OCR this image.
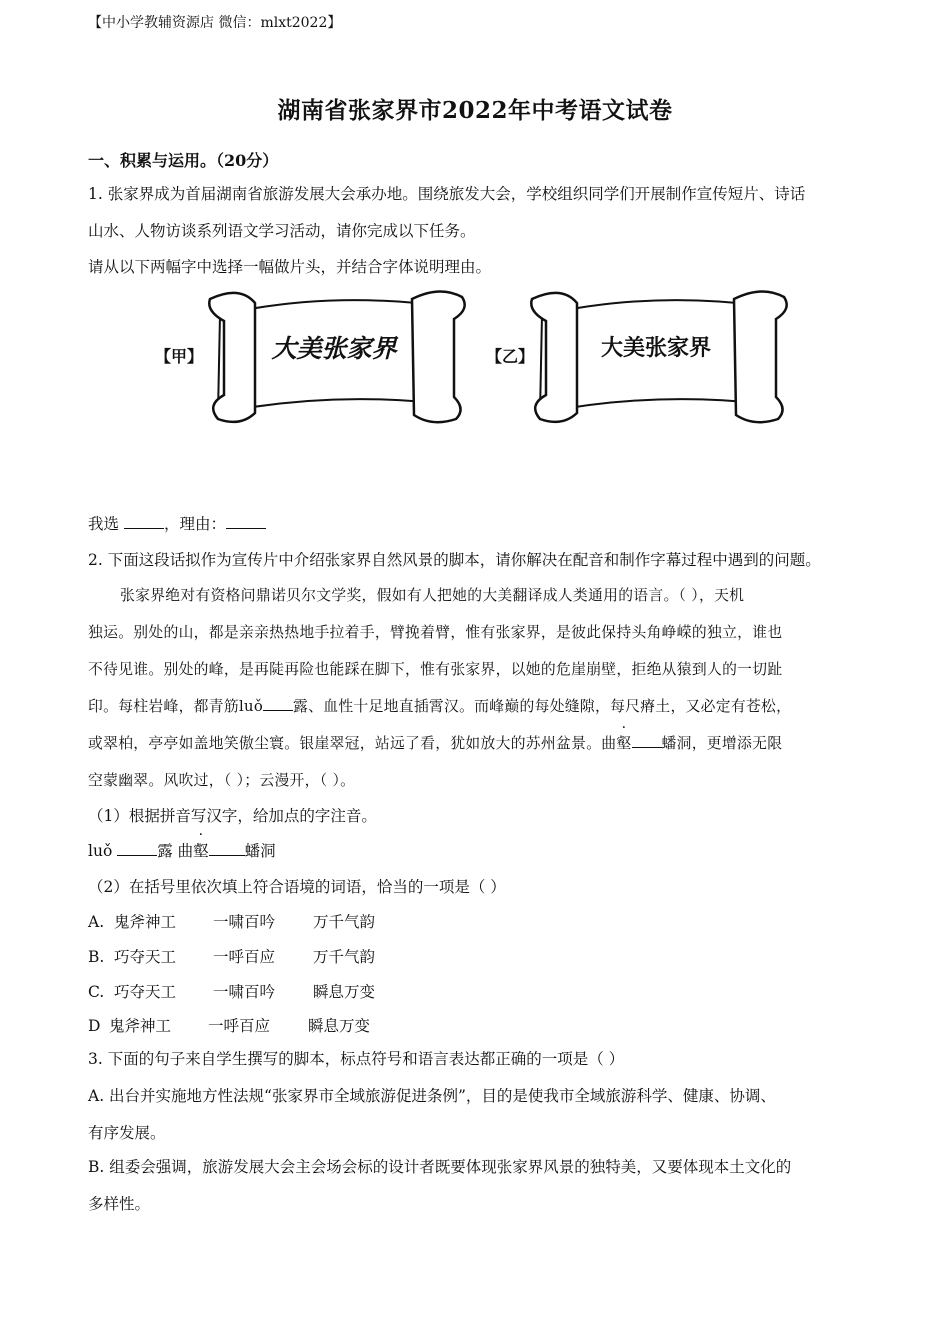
【中小学教辅资源店 微信：mlxt2022】
湖南省张家界市2022年中考语文试卷
一、积累与运用。（20分）
1. 张家界成为首届湖南省旅游发展大会承办地。围绕旅发大会，学校组织同学们开展制作宣传短片、诗话
山水、人物访谈系列语文学习活动，请你完成以下任务。
请从以下两幅字中选择一幅做片头，并结合字体说明理由。
【甲】	大美张家界	【乙】	大美张家界
我选	，理由：
2. 下面这段话拟作为宣传片中介绍张家界自然风景的脚本，请你解决在配音和制作字幕过程中遇到的问题。
张家界绝对有资格问鼎诺贝尔文学奖，假如有人把她的大美翻译成人类通用的语言。（ ），天机
独运。别处的山，都是亲亲热热地手拉着手，臂挽着臂，惟有张家界，是彼此保持头角峥嵘的独立，谁也
不待见谁。别处的峰，是再陡再险也能踩在脚下，惟有张家界，以她的危崖崩壁，拒绝从猿到人的一切趾
印。每柱岩峰，都青筋luǒ 露、血性十足地直插霄汉。而峰巅的每处缝隙，每尺瘠土，又必定有苍松，
或翠柏，亭亭如盖地笑傲尘寰。银崖翠冠，站远了看，犹如放大的苏州盆景。曲壑 蟠洞，更增添无限
空蒙幽翠。风吹过，（ ）；云漫开，（ ）。
（1）根据拼音写汉字，给加点的字注音。
luǒ	露 曲壑 蟠洞
（2）在括号里依次填上符合语境的词语，恰当的一项是（ ）
A. 鬼斧神工 一啸百吟 万千气韵
B. 巧夺天工 一呼百应 万千气韵
C. 巧夺天工 一啸百吟 瞬息万变
D 鬼斧神工 一呼百应 瞬息万变
3. 下面的句子来自学生撰写的脚本，标点符号和语言表达都正确的一项是（ ）
A. 出台并实施地方性法规“张家界市全域旅游促进条例”，目的是使我市全域旅游科学、健康、协调、
有序发展。
B. 组委会强调，旅游发展大会主会场会标的设计者既要体现张家界风景的独特美，又要体现本土文化的
多样性。
